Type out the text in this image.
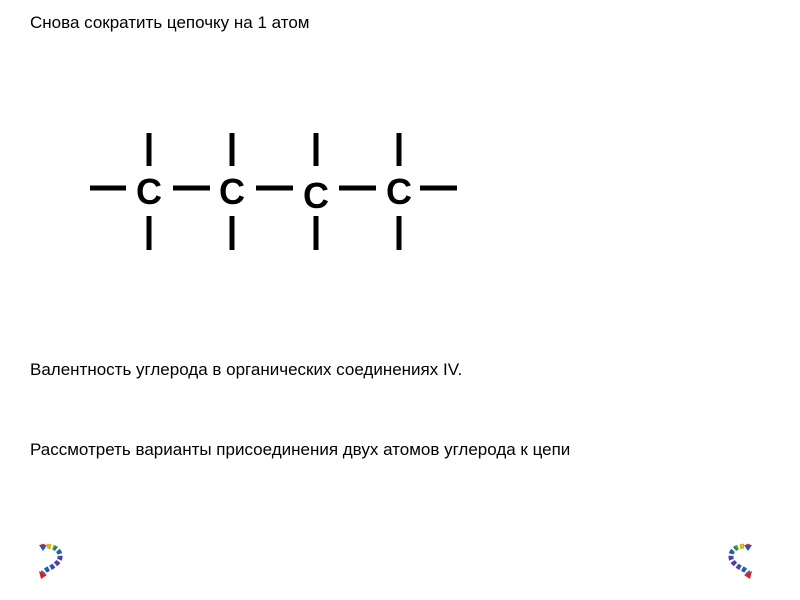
Снова сократить цепочку на 1 атом
C C C C
Валентность углерода в органических соединениях IV.
Рассмотреть варианты присоединения двух атомов углерода к цепи
